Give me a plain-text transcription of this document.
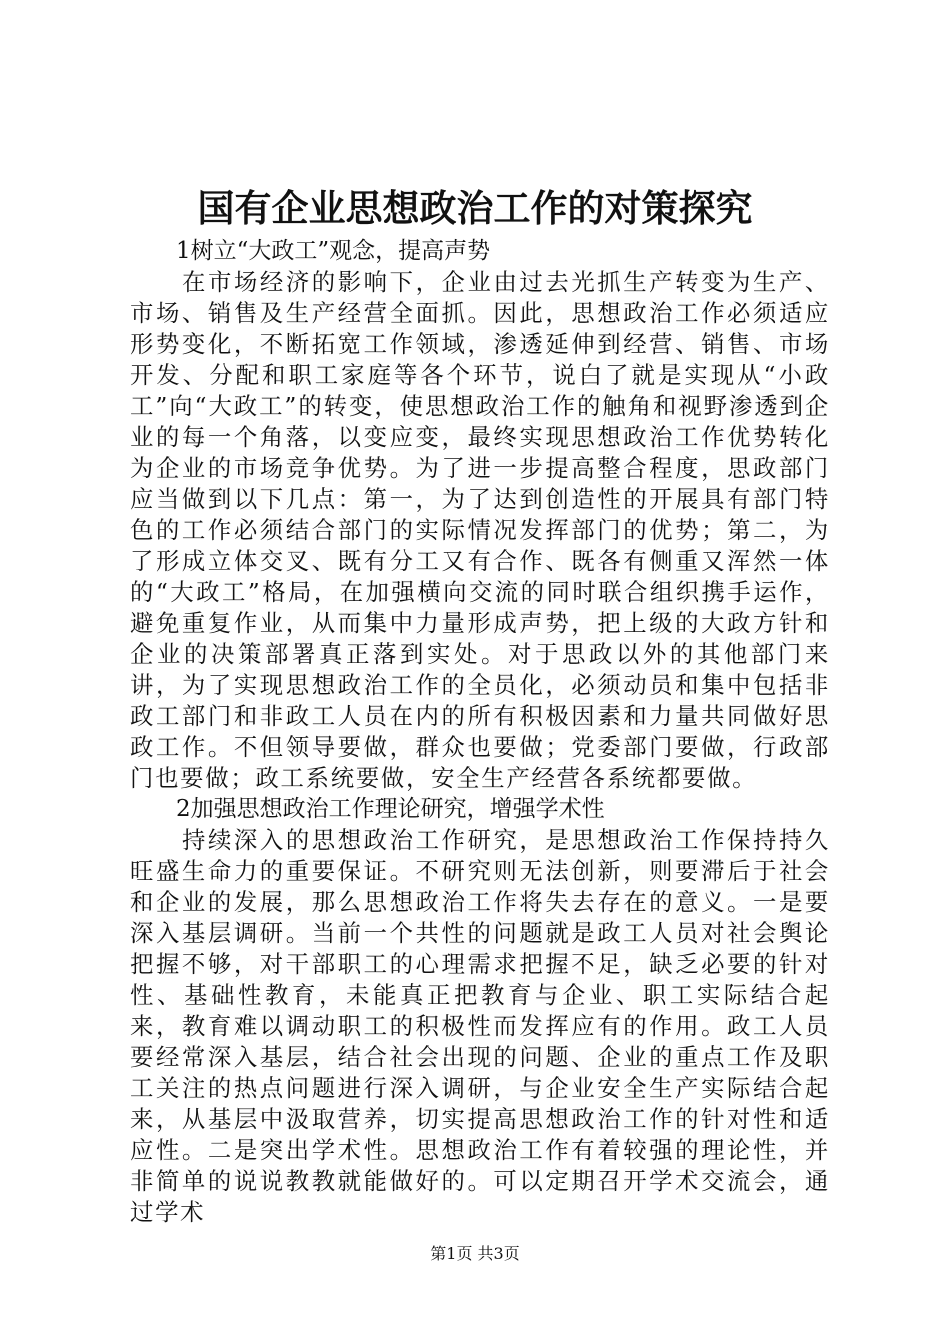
国有企业思想政治工作的对策探究

1树立“大政工”观念，提高声势

在市场经济的影响下，企业由过去光抓生产转变为生产、市场、销售及生产经营全面抓。因此，思想政治工作必须适应形势变化，不断拓宽工作领域，渗透延伸到经营、销售、市场开发、分配和职工家庭等各个环节，说白了就是实现从“小政工”向“大政工”的转变，使思想政治工作的触角和视野渗透到企业的每一个角落，以变应变，最终实现思想政治工作优势转化为企业的市场竞争优势。为了进一步提高整合程度，思政部门应当做到以下几点：第一，为了达到创造性的开展具有部门特色的工作必须结合部门的实际情况发挥部门的优势；第二，为了形成立体交叉、既有分工又有合作、既各有侧重又浑然一体的“大政工”格局，在加强横向交流的同时联合组织携手运作，避免重复作业，从而集中力量形成声势，把上级的大政方针和企业的决策部署真正落到实处。对于思政以外的其他部门来讲，为了实现思想政治工作的全员化，必须动员和集中包括非政工部门和非政工人员在内的所有积极因素和力量共同做好思政工作。不但领导要做，群众也要做；党委部门要做，行政部门也要做；政工系统要做，安全生产经营各系统都要做。

2加强思想政治工作理论研究，增强学术性

持续深入的思想政治工作研究，是思想政治工作保持持久旺盛生命力的重要保证。不研究则无法创新，则要滞后于社会和企业的发展，那么思想政治工作将失去存在的意义。一是要深入基层调研。当前一个共性的问题就是政工人员对社会舆论把握不够，对干部职工的心理需求把握不足，缺乏必要的针对性、基础性教育，未能真正把教育与企业、职工实际结合起来，教育难以调动职工的积极性而发挥应有的作用。政工人员要经常深入基层，结合社会出现的问题、企业的重点工作及职工关注的热点问题进行深入调研，与企业安全生产实际结合起来，从基层中汲取营养，切实提高思想政治工作的针对性和适应性。二是突出学术性。思想政治工作有着较强的理论性，并非简单的说说教教就能做好的。可以定期召开学术交流会，通过学术

第1页 共3页
